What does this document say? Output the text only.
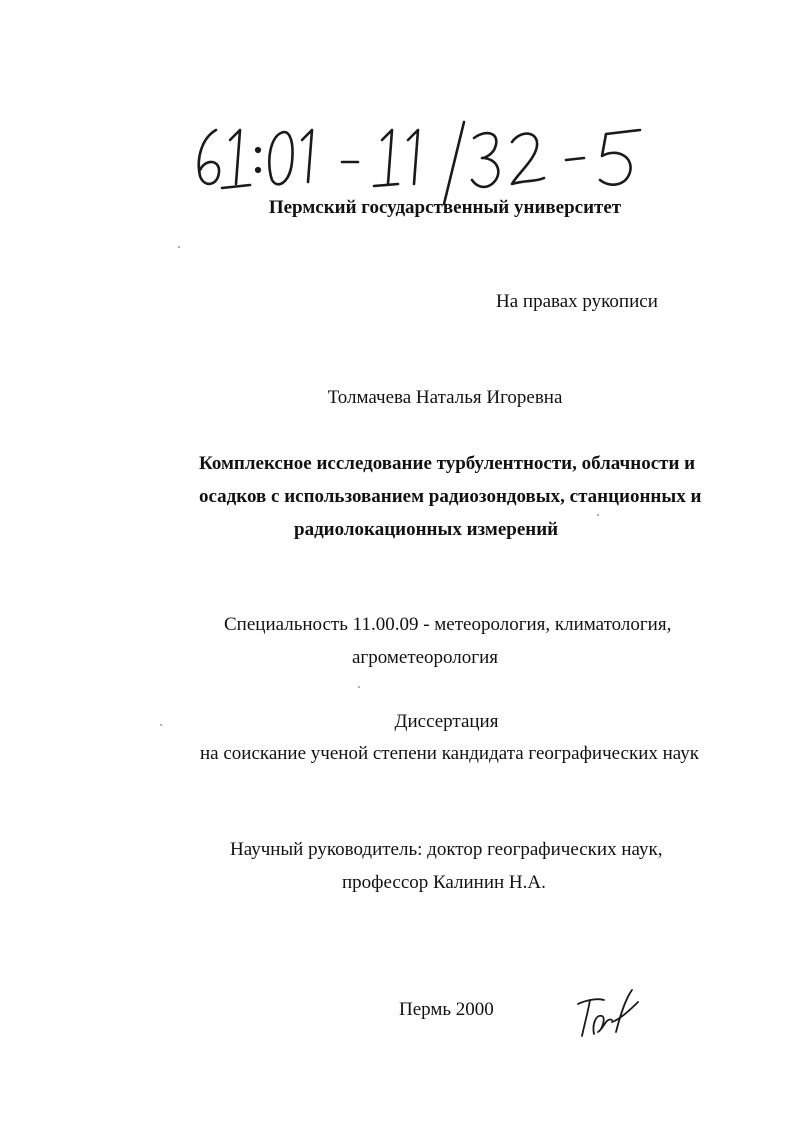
Пермский государственный университет
На правах рукописи
Толмачева Наталья Игоревна
Комплексное исследование турбулентности, облачности и
осадков с использованием радиозондовых, станционных и
радиолокационных измерений
Специальность 11.00.09 - метеорология, климатология,
агрометеорология
Диссертация
на соискание ученой степени кандидата географических наук
Научный руководитель: доктор географических наук,
профессор Калинин Н.А.
Пермь 2000
